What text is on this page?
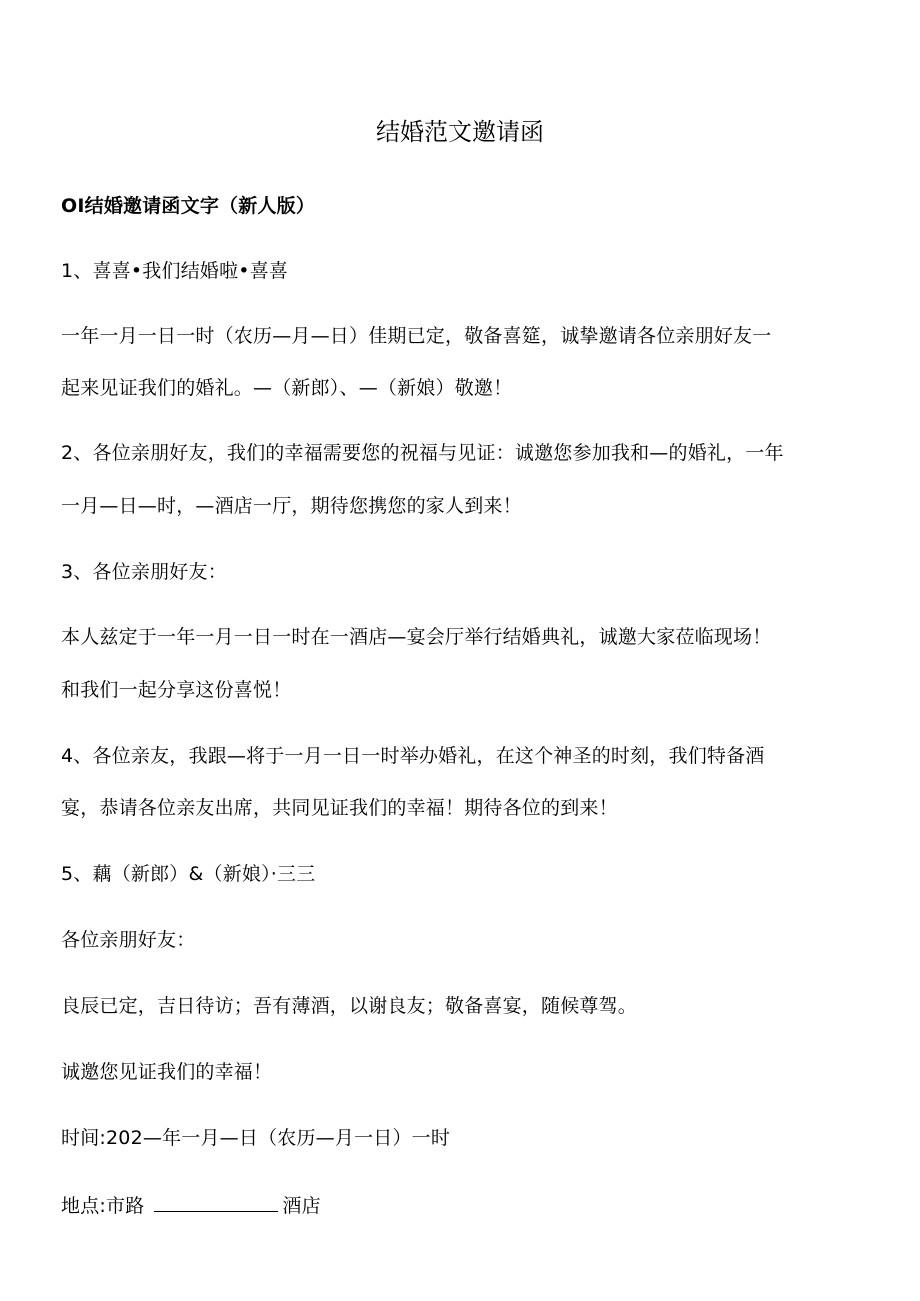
结婚范文邀请函
OI结婚邀请函文字（新人版）
1、喜喜•我们结婚啦•喜喜
一年一月一日一时（农历—月—日）佳期已定，敬备喜筵，诚挚邀请各位亲朋好友一
起来见证我们的婚礼。—（新郎）、—（新娘）敬邀！
2、各位亲朋好友，我们的幸福需要您的祝福与见证：诚邀您参加我和—的婚礼，一年
一月—日—时，—酒店一厅，期待您携您的家人到来！
3、各位亲朋好友：
本人兹定于一年一月一日一时在一酒店—宴会厅举行结婚典礼，诚邀大家莅临现场！
和我们一起分享这份喜悦！
4、各位亲友，我跟—将于一月一日一时举办婚礼，在这个神圣的时刻，我们特备酒
宴，恭请各位亲友出席，共同见证我们的幸福！期待各位的到来！
5、藕（新郎）&（新娘）·三三
各位亲朋好友：
良辰已定，吉日待访；吾有薄酒，以谢良友；敬备喜宴，随候尊驾。
诚邀您见证我们的幸福！
时间:202—年一月—日（农历—月一日）一时
地点:市路	酒店
